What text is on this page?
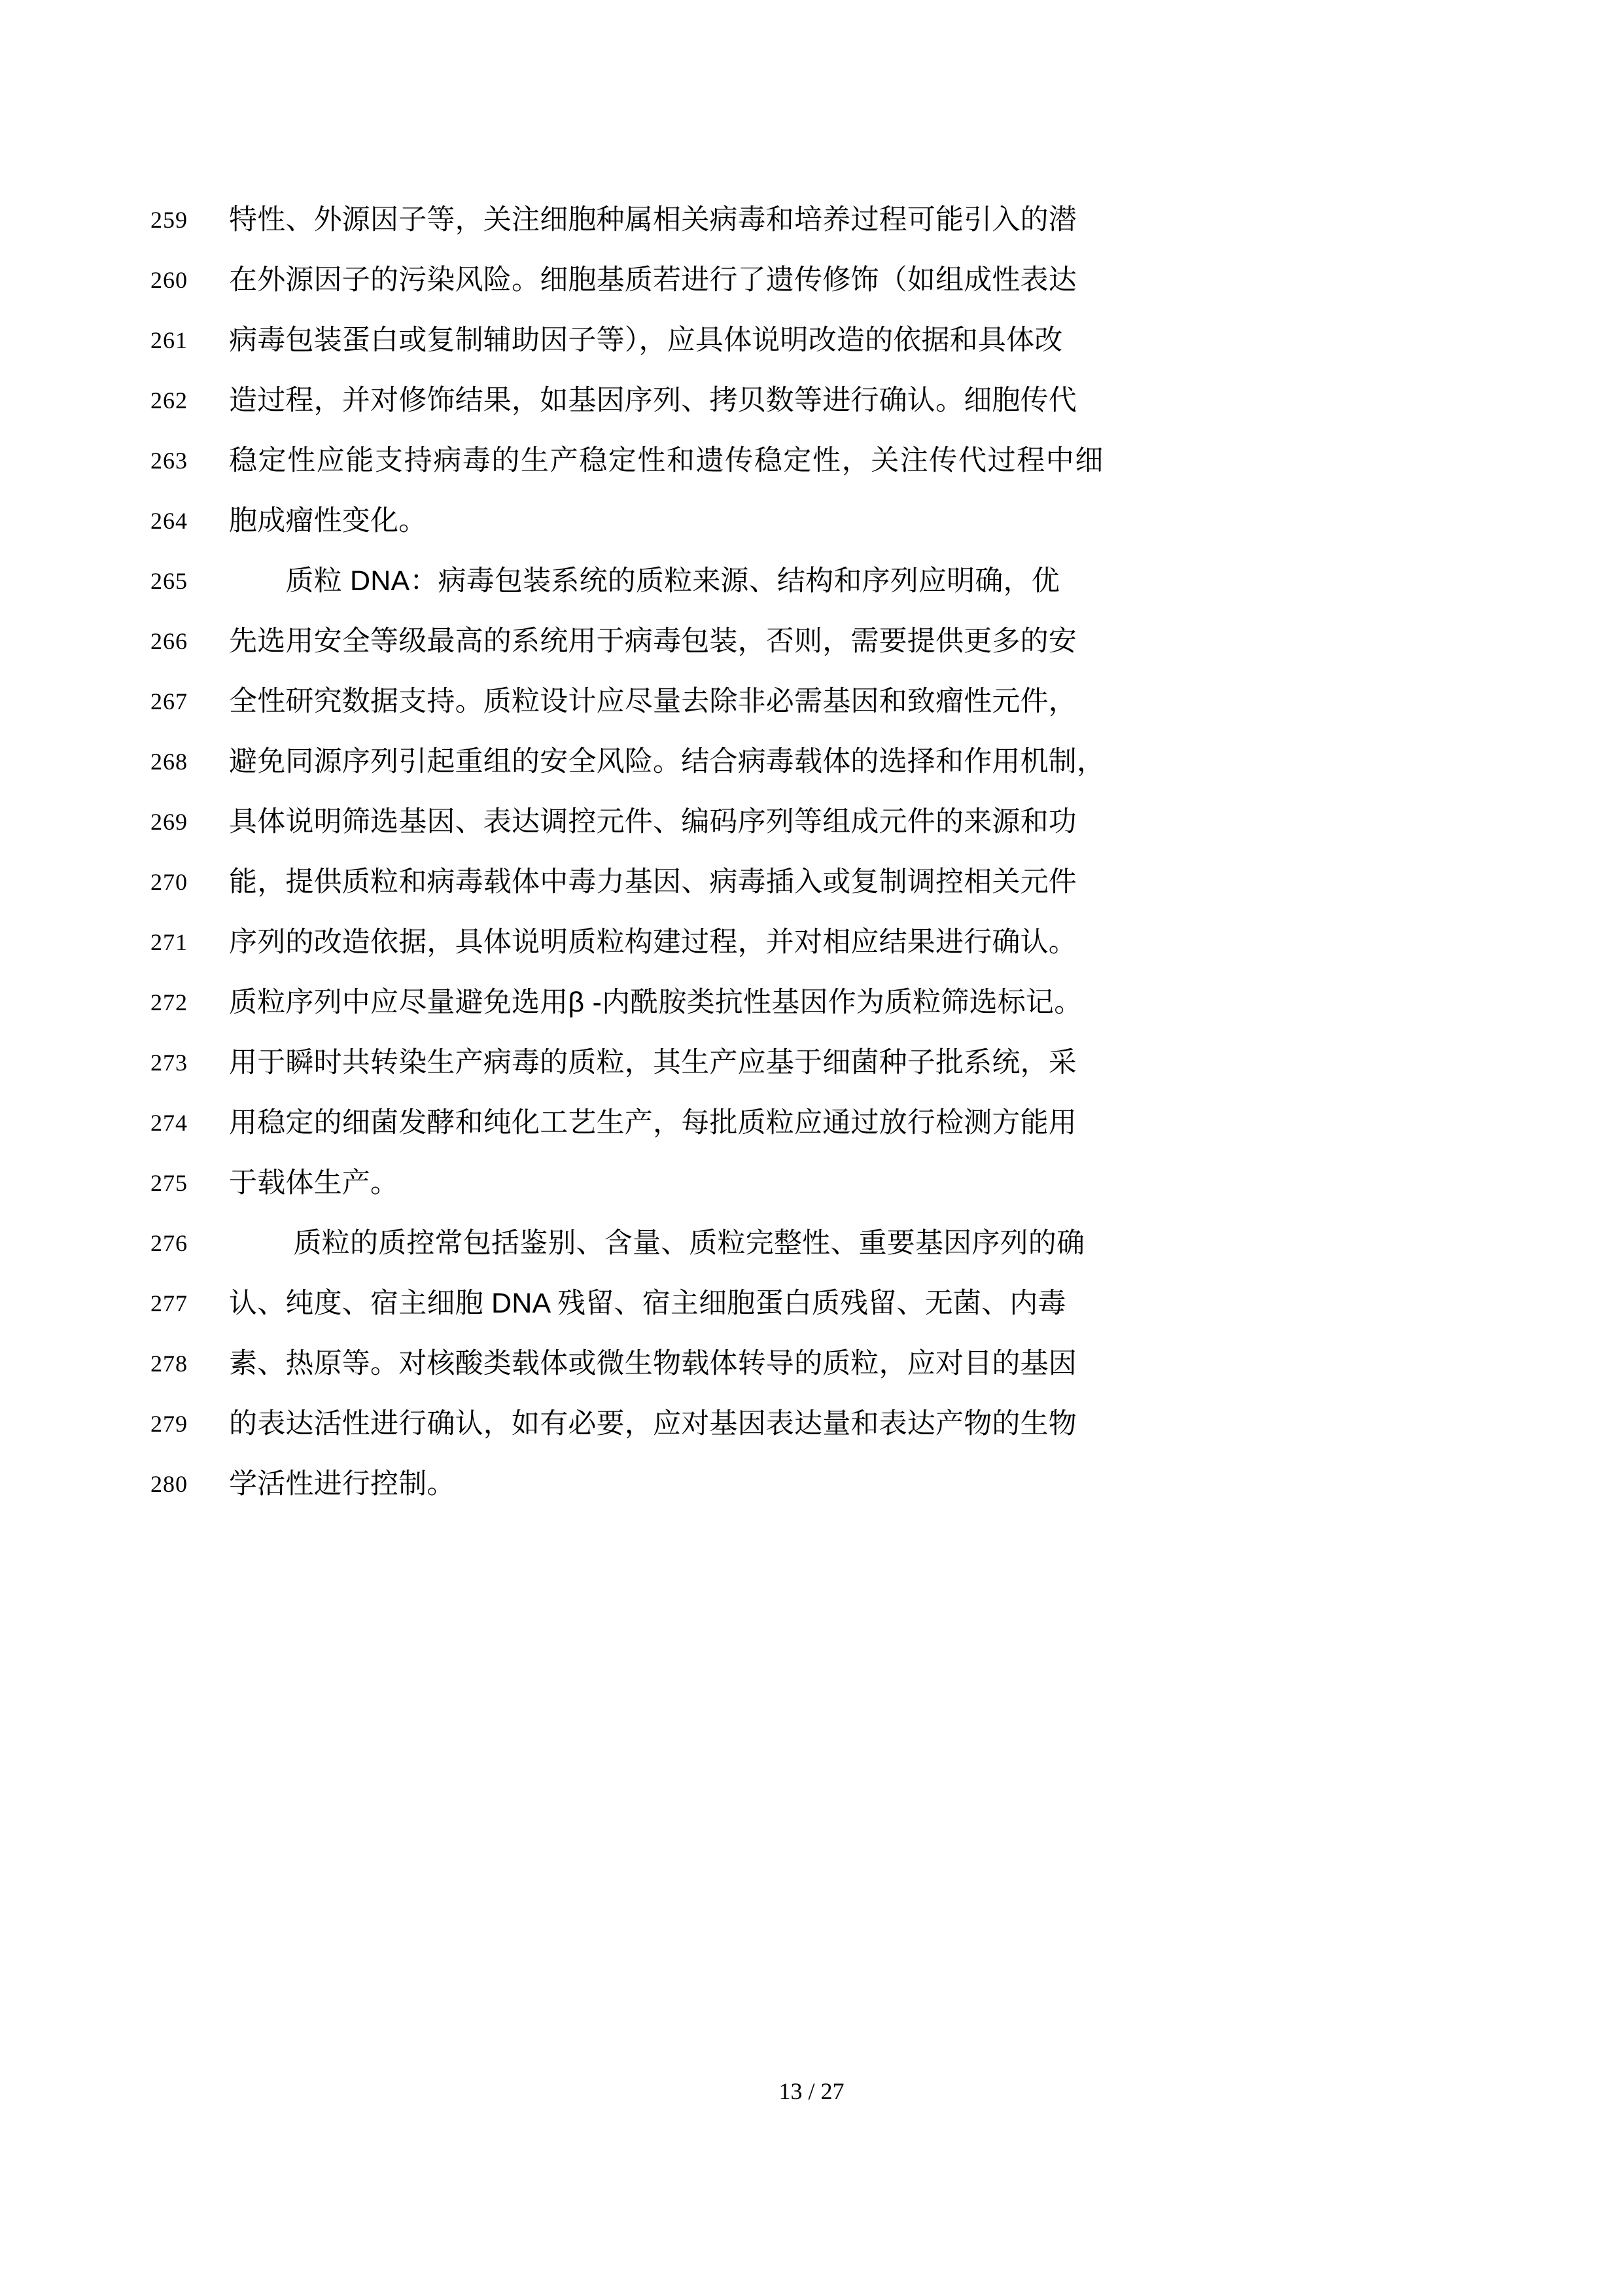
259	特性、外源因子等，关注细胞种属相关病毒和培养过程可能引入的潜
260	在外源因子的污染风险。细胞基质若进行了遗传修饰（如组成性表达
261	病毒包装蛋白或复制辅助因子等），应具体说明改造的依据和具体改
262	造过程，并对修饰结果，如基因序列、拷贝数等进行确认。细胞传代
263	稳定性应能支持病毒的生产稳定性和遗传稳定性，关注传代过程中细
264	胞成瘤性变化。
265	　　质粒 DNA：病毒包装系统的质粒来源、结构和序列应明确，优
266	先选用安全等级最高的系统用于病毒包装，否则，需要提供更多的安
267	全性研究数据支持。质粒设计应尽量去除非必需基因和致瘤性元件，
268	避免同源序列引起重组的安全风险。结合病毒载体的选择和作用机制，
269	具体说明筛选基因、表达调控元件、编码序列等组成元件的来源和功
270	能，提供质粒和病毒载体中毒力基因、病毒插入或复制调控相关元件
271	序列的改造依据，具体说明质粒构建过程，并对相应结果进行确认。
272	质粒序列中应尽量避免选用β -内酰胺类抗性基因作为质粒筛选标记。
273	用于瞬时共转染生产病毒的质粒，其生产应基于细菌种子批系统，采
274	用稳定的细菌发酵和纯化工艺生产，每批质粒应通过放行检测方能用
275	于载体生产。
276	　　 质粒的质控常包括鉴别、含量、质粒完整性、重要基因序列的确
277	认、纯度、宿主细胞 DNA 残留、宿主细胞蛋白质残留、无菌、内毒
278	素、热原等。对核酸类载体或微生物载体转导的质粒，应对目的基因
279	的表达活性进行确认，如有必要，应对基因表达量和表达产物的生物
280	学活性进行控制。
13 / 27
